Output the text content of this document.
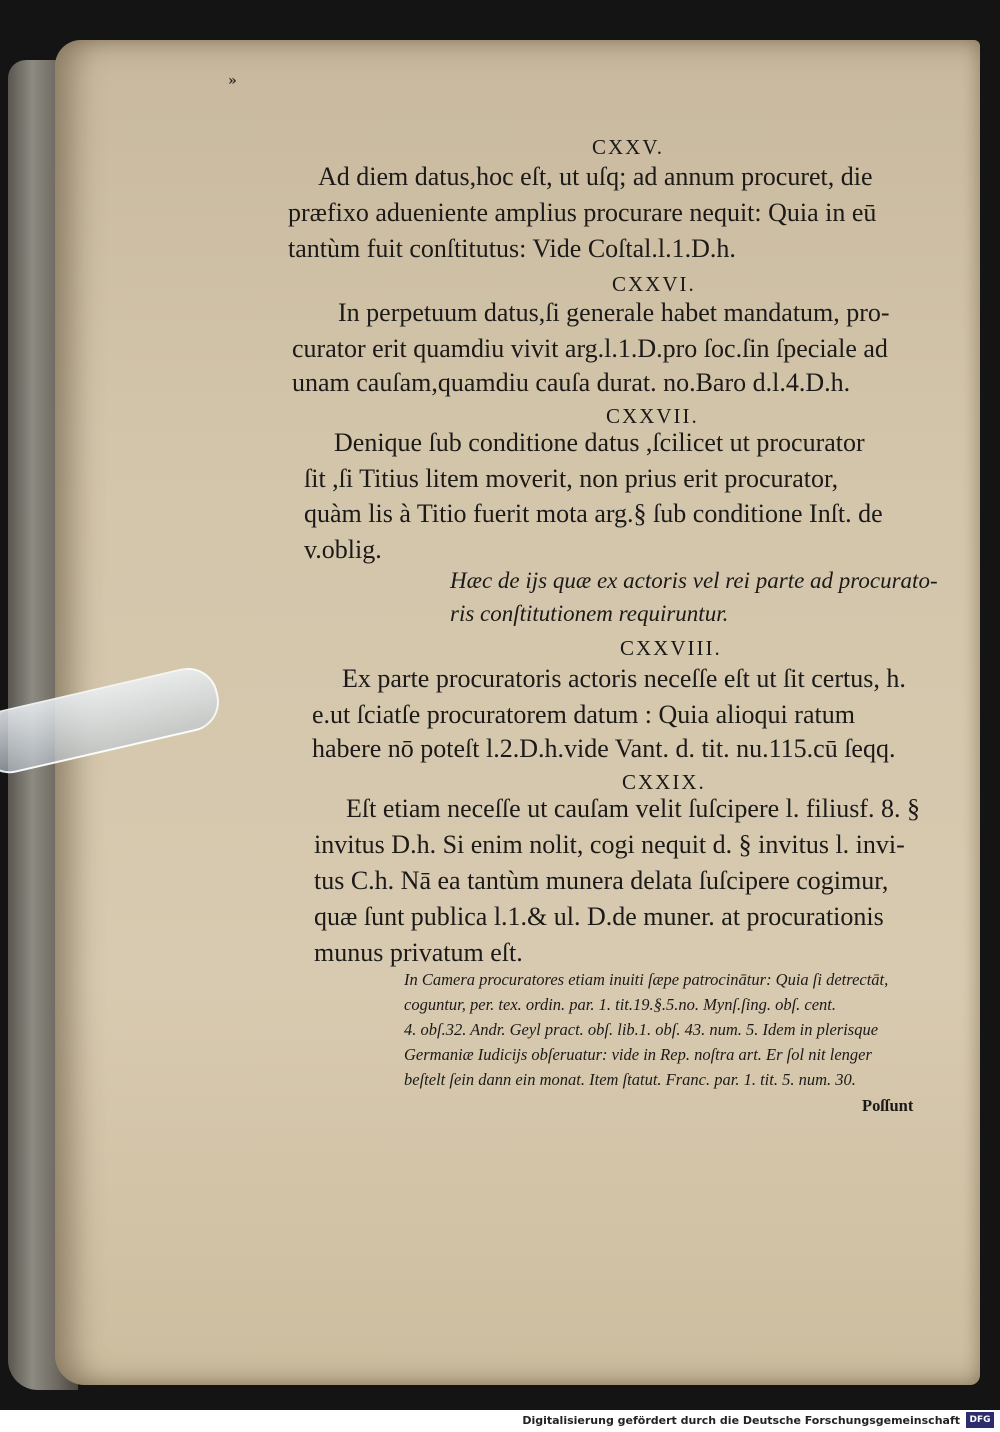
»
CXXV.
Ad diem datus,hoc eſt, ut uſq; ad annum procuret, die
præfixo adueniente amplius procurare nequit: Quia in eū
tantùm fuit conſtitutus: Vide Coſtal.l.1.D.h.
CXXVI.
In perpetuum datus,ſi generale habet mandatum, pro-
curator erit quamdiu vivit arg.l.1.D.pro ſoc.ſin ſpeciale ad
unam cauſam,quamdiu cauſa durat. no.Baro d.l.4.D.h.
CXXVII.
Denique ſub conditione datus ,ſcilicet ut procurator
ſit ,ſi Titius litem moverit, non prius erit procurator,
quàm lis à Titio fuerit mota arg.§ ſub conditione Inſt. de
v.oblig.
Hæc de ijs quæ ex actoris vel rei parte ad procurato-
ris conſtitutionem requiruntur.
CXXVIII.
Ex parte procuratoris actoris neceſſe eſt ut ſit certus, h.
e.ut ſciatſe procuratorem datum : Quia alioqui ratum
habere nō poteſt l.2.D.h.vide Vant. d. tit. nu.115.cū ſeqq.
CXXIX.
Eſt etiam neceſſe ut cauſam velit ſuſcipere l. filiusf. 8. §
invitus D.h. Si enim nolit, cogi nequit d. § invitus l. invi-
tus C.h. Nā ea tantùm munera delata ſuſcipere cogimur,
quæ ſunt publica l.1.& ul. D.de muner. at procurationis
munus privatum eſt.
In Camera procuratores etiam inuiti ſæpe patrocinātur: Quia ſi detrectāt,
coguntur, per. tex. ordin. par. 1. tit.19.§.5.no. Mynſ.ſing. obſ. cent.
4. obſ.32. Andr. Geyl pract. obſ. lib.1. obſ. 43. num. 5. Idem in plerisque
Germaniæ Iudicijs obſeruatur: vide in Rep. noſtra art. Er ſol nit lenger
beſtelt ſein dann ein monat. Item ſtatut. Franc. par. 1. tit. 5. num. 30.
Poſſunt
Digitalisierung gefördert durch die Deutsche Forschungsgemeinschaft	DFG
